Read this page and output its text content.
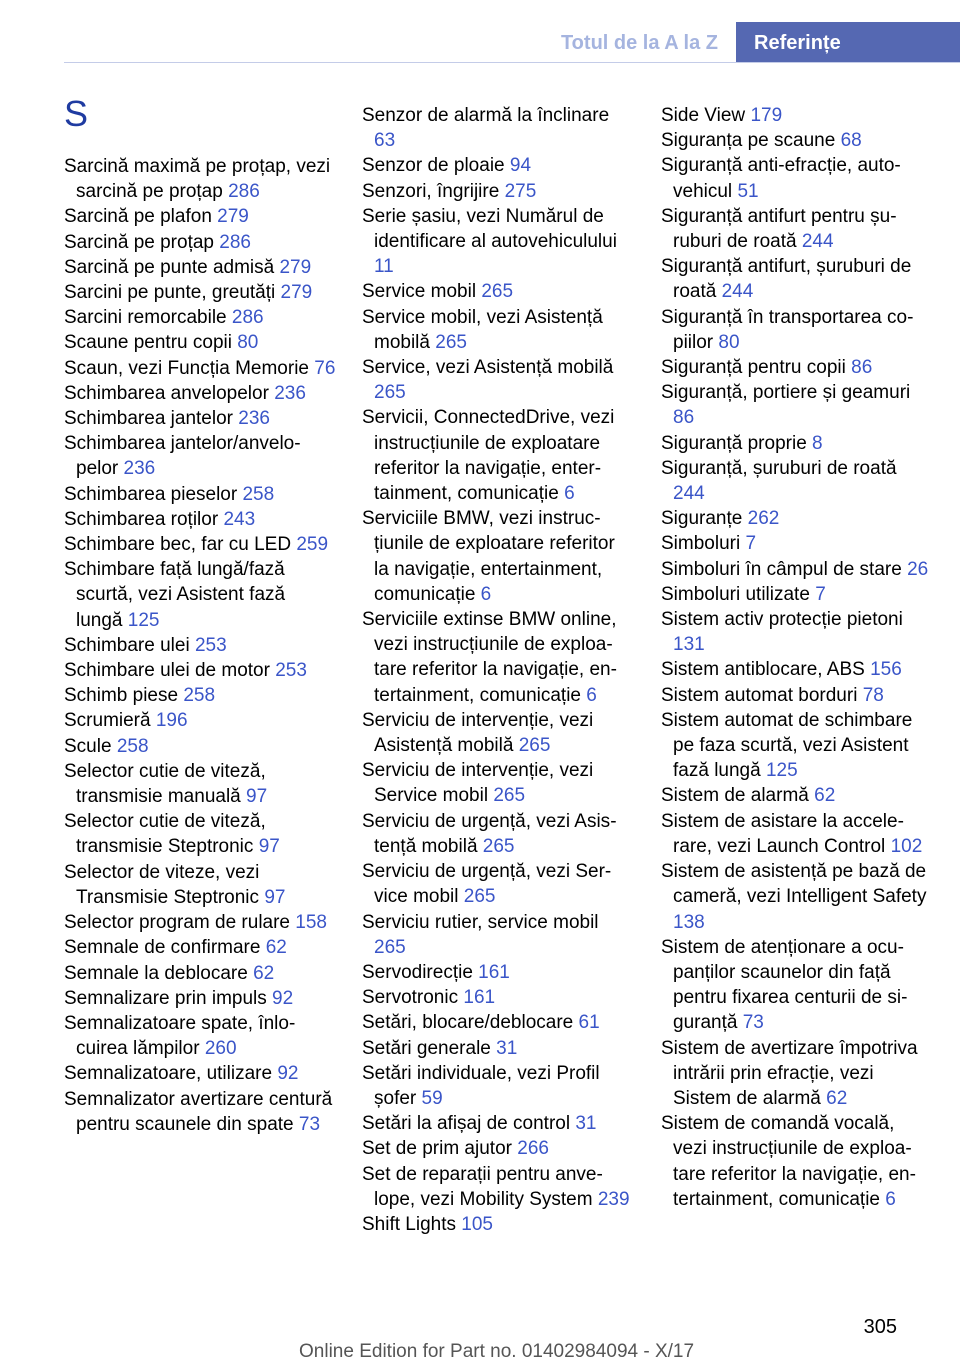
Totul de la A la Z	Referințe
S

Sarcină maximă pe proțap, vezi sarcină pe proțap 286

Sarcină pe plafon 279

Sarcină pe proțap 286

Sarcină pe punte admisă 279

Sarcini pe punte, greutăți 279

Sarcini remorcabile 286

Scaune pentru copii 80

Scaun, vezi Funcția Memorie 76

Schimbarea anvelopelor 236

Schimbarea jantelor 236

Schimbarea jantelor/anvelopelor 236

Schimbarea pieselor 258

Schimbarea roților 243

Schimbare bec, far cu LED 259

Schimbare față lungă/fază scurtă, vezi Asistent fază lungă 125

Schimbare ulei 253

Schimbare ulei de motor 253

Schimb piese 258

Scrumieră 196

Scule 258

Selector cutie de viteză, transmisie manuală 97

Selector cutie de viteză, transmisie Steptronic 97

Selector de viteze, vezi Transmisie Steptronic 97

Selector program de rulare 158

Semnale de confirmare 62

Semnale la deblocare 62

Semnalizare prin impuls 92

Semnalizatoare spate, înlocuirea lămpilor 260

Semnalizatoare, utilizare 92

Semnalizator avertizare centură pentru scaunele din spate 73

Senzor de alarmă la înclinare 63

Senzor de ploaie 94

Senzori, îngrijire 275

Serie șasiu, vezi Numărul de identificare al autovehiculului 11

Service mobil 265

Service mobil, vezi Asistență mobilă 265

Service, vezi Asistență mobilă 265

Servicii, ConnectedDrive, vezi instrucțiunile de exploatare referitor la navigație, entertainment, comunicație 6

Serviciile BMW, vezi instrucțiunile de exploatare referitor la navigație, entertainment, comunicație 6

Serviciile extinse BMW online, vezi instrucțiunile de exploatare referitor la navigație, entertainment, comunicație 6

Serviciu de intervenție, vezi Asistență mobilă 265

Serviciu de intervenție, vezi Service mobil 265

Serviciu de urgență, vezi Asistență mobilă 265

Serviciu de urgență, vezi Service mobil 265

Serviciu rutier, service mobil 265

Servodirecție 161

Servotronic 161

Setări, blocare/deblocare 61

Setări generale 31

Setări individuale, vezi Profil șofer 59

Setări la afișaj de control 31

Set de prim ajutor 266

Set de reparații pentru anvelope, vezi Mobility System 239

Shift Lights 105

Side View 179

Siguranța pe scaune 68

Siguranță anti-efracție, autovehicul 51

Siguranță antifurt pentru șuruburi de roată 244

Siguranță antifurt, șuruburi de roată 244

Siguranță în transportarea copiilor 80

Siguranță pentru copii 86

Siguranță, portiere și geamuri 86

Siguranță proprie 8

Siguranță, șuruburi de roată 244

Siguranțe 262

Simboluri 7

Simboluri în câmpul de stare 26

Simboluri utilizate 7

Sistem activ protecție pietoni 131

Sistem antiblocare, ABS 156

Sistem automat borduri 78

Sistem automat de schimbare pe faza scurtă, vezi Asistent fază lungă 125

Sistem de alarmă 62

Sistem de asistare la accelerare, vezi Launch Control 102

Sistem de asistență pe bază de cameră, vezi Intelligent Safety 138

Sistem de atenționare a ocupanților scaunelor din față pentru fixarea centurii de siguranță 73

Sistem de avertizare împotriva intrării prin efracție, vezi Sistem de alarmă 62

Sistem de comandă vocală, vezi instrucțiunile de exploatare referitor la navigație, entertainment, comunicație 6

305
Online Edition for Part no. 01402984094 - X/17
